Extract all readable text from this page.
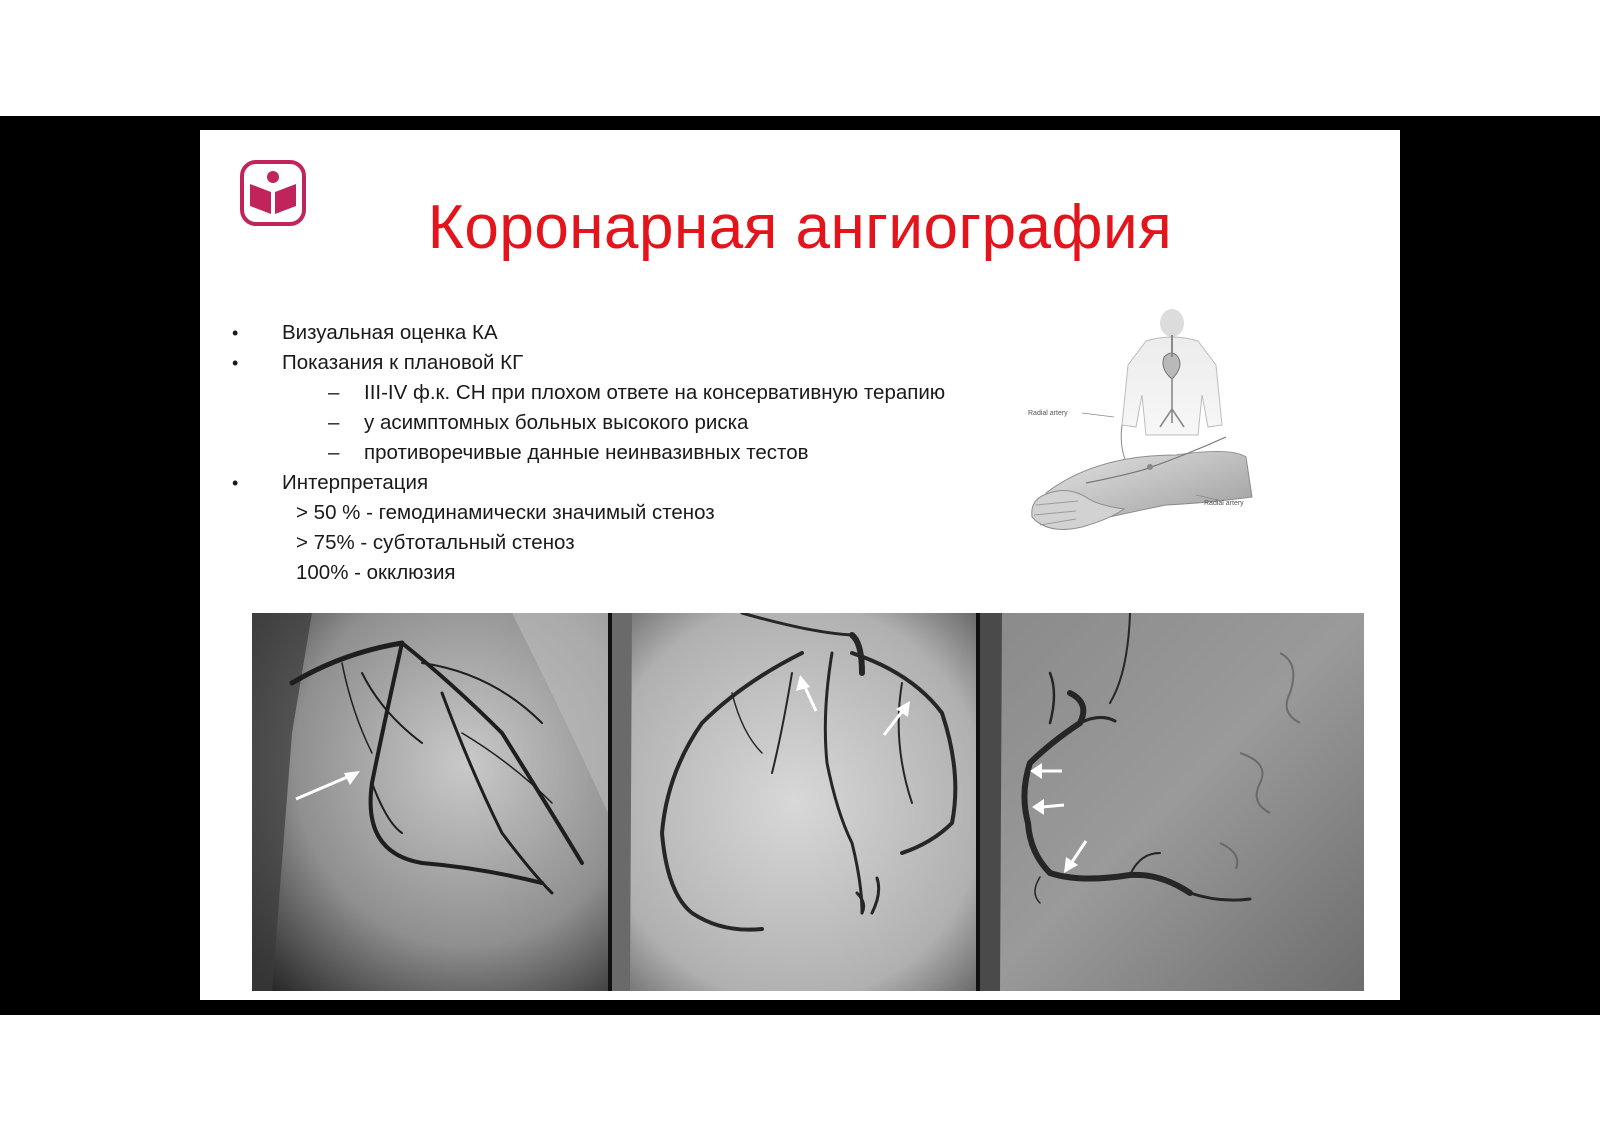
Коронарная ангиография
• Визуальная оценка КА
• Показания к плановой КГ
– III-IV ф.к. СН при плохом ответе на консервативную терапию
– у асимптомных больных высокого риска
– противоречивые данные неинвазивных тестов
• Интерпретация
> 50 % - гемодинамически значимый стеноз
> 75% - субтотальный стеноз
100% - окклюзия
Radial artery
Radial artery
